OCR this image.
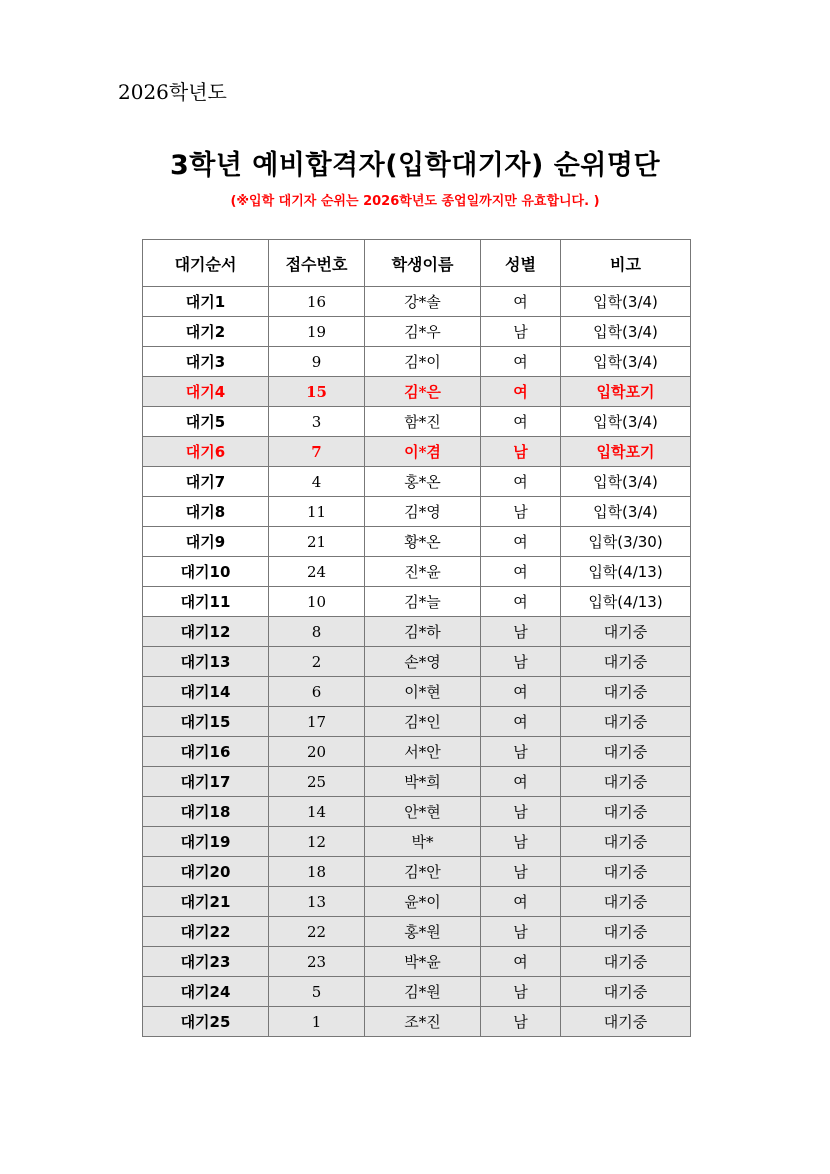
2026학년도
3학년 예비합격자(입학대기자) 순위명단
(※입학 대기자 순위는 2026학년도 종업일까지만 유효합니다. )
대기순서	접수번호	학생이름	성별	비고
대기1	16	강*솔	여	입학(3/4)
대기2	19	김*우	남	입학(3/4)
대기3	9	김*이	여	입학(3/4)
대기4	15	김*은	여	입학포기
대기5	3	함*진	여	입학(3/4)
대기6	7	이*겸	남	입학포기
대기7	4	홍*온	여	입학(3/4)
대기8	11	김*영	남	입학(3/4)
대기9	21	황*온	여	입학(3/30)
대기10	24	진*윤	여	입학(4/13)
대기11	10	김*늘	여	입학(4/13)
대기12	8	김*하	남	대기중
대기13	2	손*영	남	대기중
대기14	6	이*현	여	대기중
대기15	17	김*인	여	대기중
대기16	20	서*안	남	대기중
대기17	25	박*희	여	대기중
대기18	14	안*현	남	대기중
대기19	12	박*	남	대기중
대기20	18	김*안	남	대기중
대기21	13	윤*이	여	대기중
대기22	22	홍*원	남	대기중
대기23	23	박*윤	여	대기중
대기24	5	김*원	남	대기중
대기25	1	조*진	남	대기중
